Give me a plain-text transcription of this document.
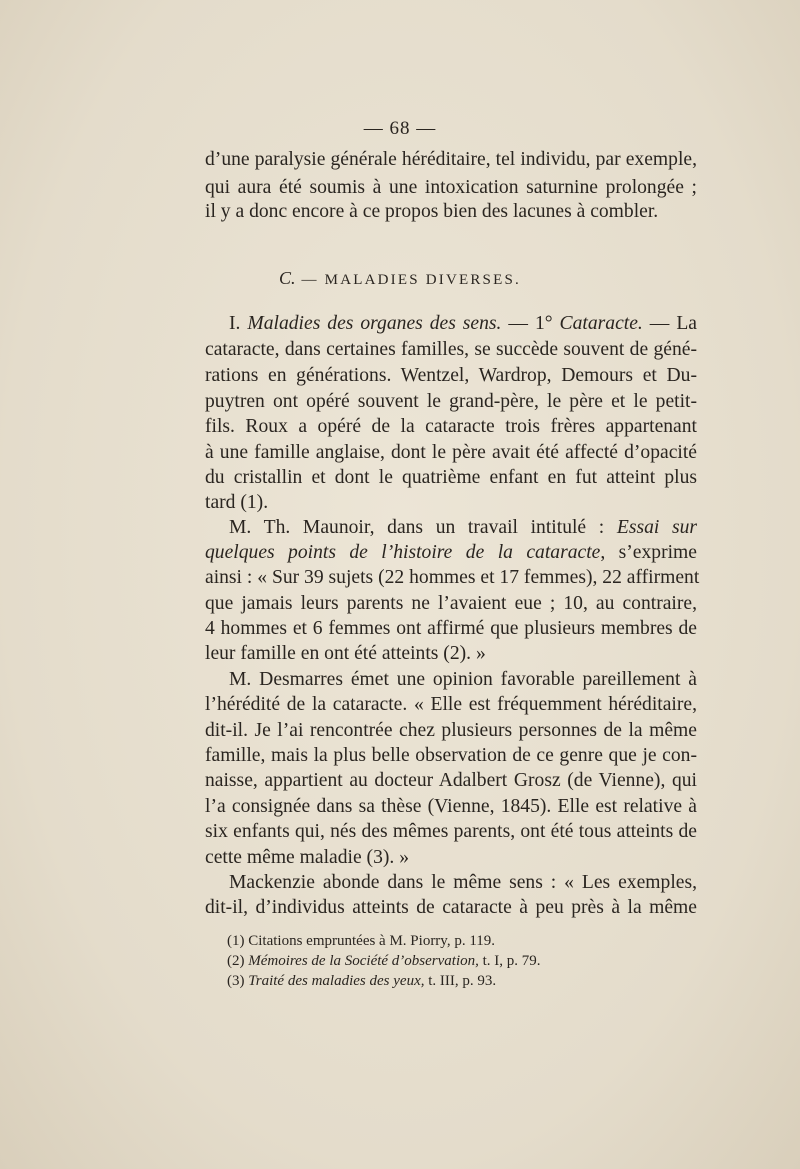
— 68 —
d’une paralysie générale héréditaire, tel individu, par exemple,
qui aura été soumis à une intoxication saturnine prolongée ;
il y a donc encore à ce propos bien des lacunes à combler.
C. — MALADIES DIVERSES.
I. Maladies des organes des sens. — 1° Cataracte. — La
cataracte, dans certaines familles, se succède souvent de géné-
rations en générations. Wentzel, Wardrop, Demours et Du-
puytren ont opéré souvent le grand-père, le père et le petit-
fils. Roux a opéré de la cataracte trois frères appartenant
à une famille anglaise, dont le père avait été affecté d’opacité
du cristallin et dont le quatrième enfant en fut atteint plus
tard (1).
M. Th. Maunoir, dans un travail intitulé : Essai sur
quelques points de l’histoire de la cataracte, s’exprime
ainsi : « Sur 39 sujets (22 hommes et 17 femmes), 22 affirment
que jamais leurs parents ne l’avaient eue ; 10, au contraire,
4 hommes et 6 femmes ont affirmé que plusieurs membres de
leur famille en ont été atteints (2). »
M. Desmarres émet une opinion favorable pareillement à
l’hérédité de la cataracte. « Elle est fréquemment héréditaire,
dit-il. Je l’ai rencontrée chez plusieurs personnes de la même
famille, mais la plus belle observation de ce genre que je con-
naisse, appartient au docteur Adalbert Grosz (de Vienne), qui
l’a consignée dans sa thèse (Vienne, 1845). Elle est relative à
six enfants qui, nés des mêmes parents, ont été tous atteints de
cette même maladie (3). »
Mackenzie abonde dans le même sens : « Les exemples,
dit-il, d’individus atteints de cataracte à peu près à la même
(1) Citations empruntées à M. Piorry, p. 119.
(2) Mémoires de la Société d’observation, t. I, p. 79.
(3) Traité des maladies des yeux, t. III, p. 93.
